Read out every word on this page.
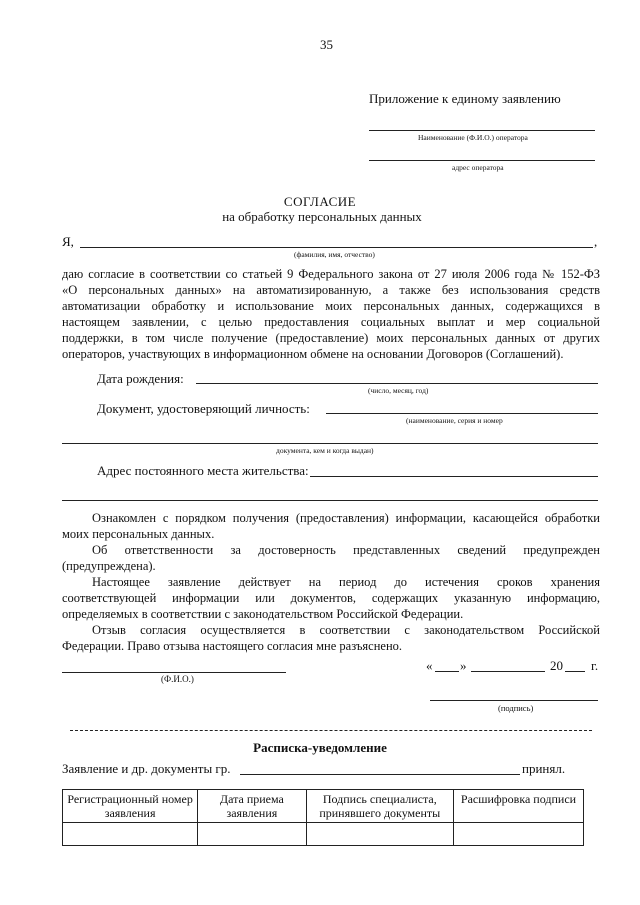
35
Приложение к единому заявлению
Наименование (Ф.И.О.) оператора
адрес оператора
СОГЛАСИЕ
на обработку персональных данных
Я,	,
(фамилия, имя, отчество)

даю согласие в соответствии со статьей 9 Федерального закона от 27 июля 2006 года № 152-ФЗ

«О персональных данных» на автоматизированную, а также без использования средств

автоматизации обработку и использование моих персональных данных, содержащихся в

настоящем заявлении, с целью предоставления социальных выплат и мер социальной

поддержки, в том числе получение (предоставление) моих персональных данных от других

операторов, участвующих в информационном обмене на основании Договоров (Соглашений).

Дата рождения:
(число, месяц, год)
Документ, удостоверяющий личность:
(наименование, серия и номер
документа, кем и когда выдан)
Адрес постоянного места жительства:

Ознакомлен с порядком получения (предоставления) информации, касающейся обработки

моих персональных данных.

Об ответственности за достоверность представленных сведений предупрежден

(предупреждена).

Настоящее заявление действует на период до истечения сроков хранения

соответствующей информации или документов, содержащих указанную информацию,

определяемых в соответствии с законодательством Российской Федерации.

Отзыв согласия осуществляется в соответствии с законодательством Российской

Федерации. Право отзыва настоящего согласия мне разъяснено.

(Ф.И.О.)
« »	20 г.
(подпись)
Расписка-уведомление
Заявление и др. документы гр.	принял.
Регистрационный номер заявления	Дата приема заявления	Подпись специалиста, принявшего документы	Расшифровка подписи
